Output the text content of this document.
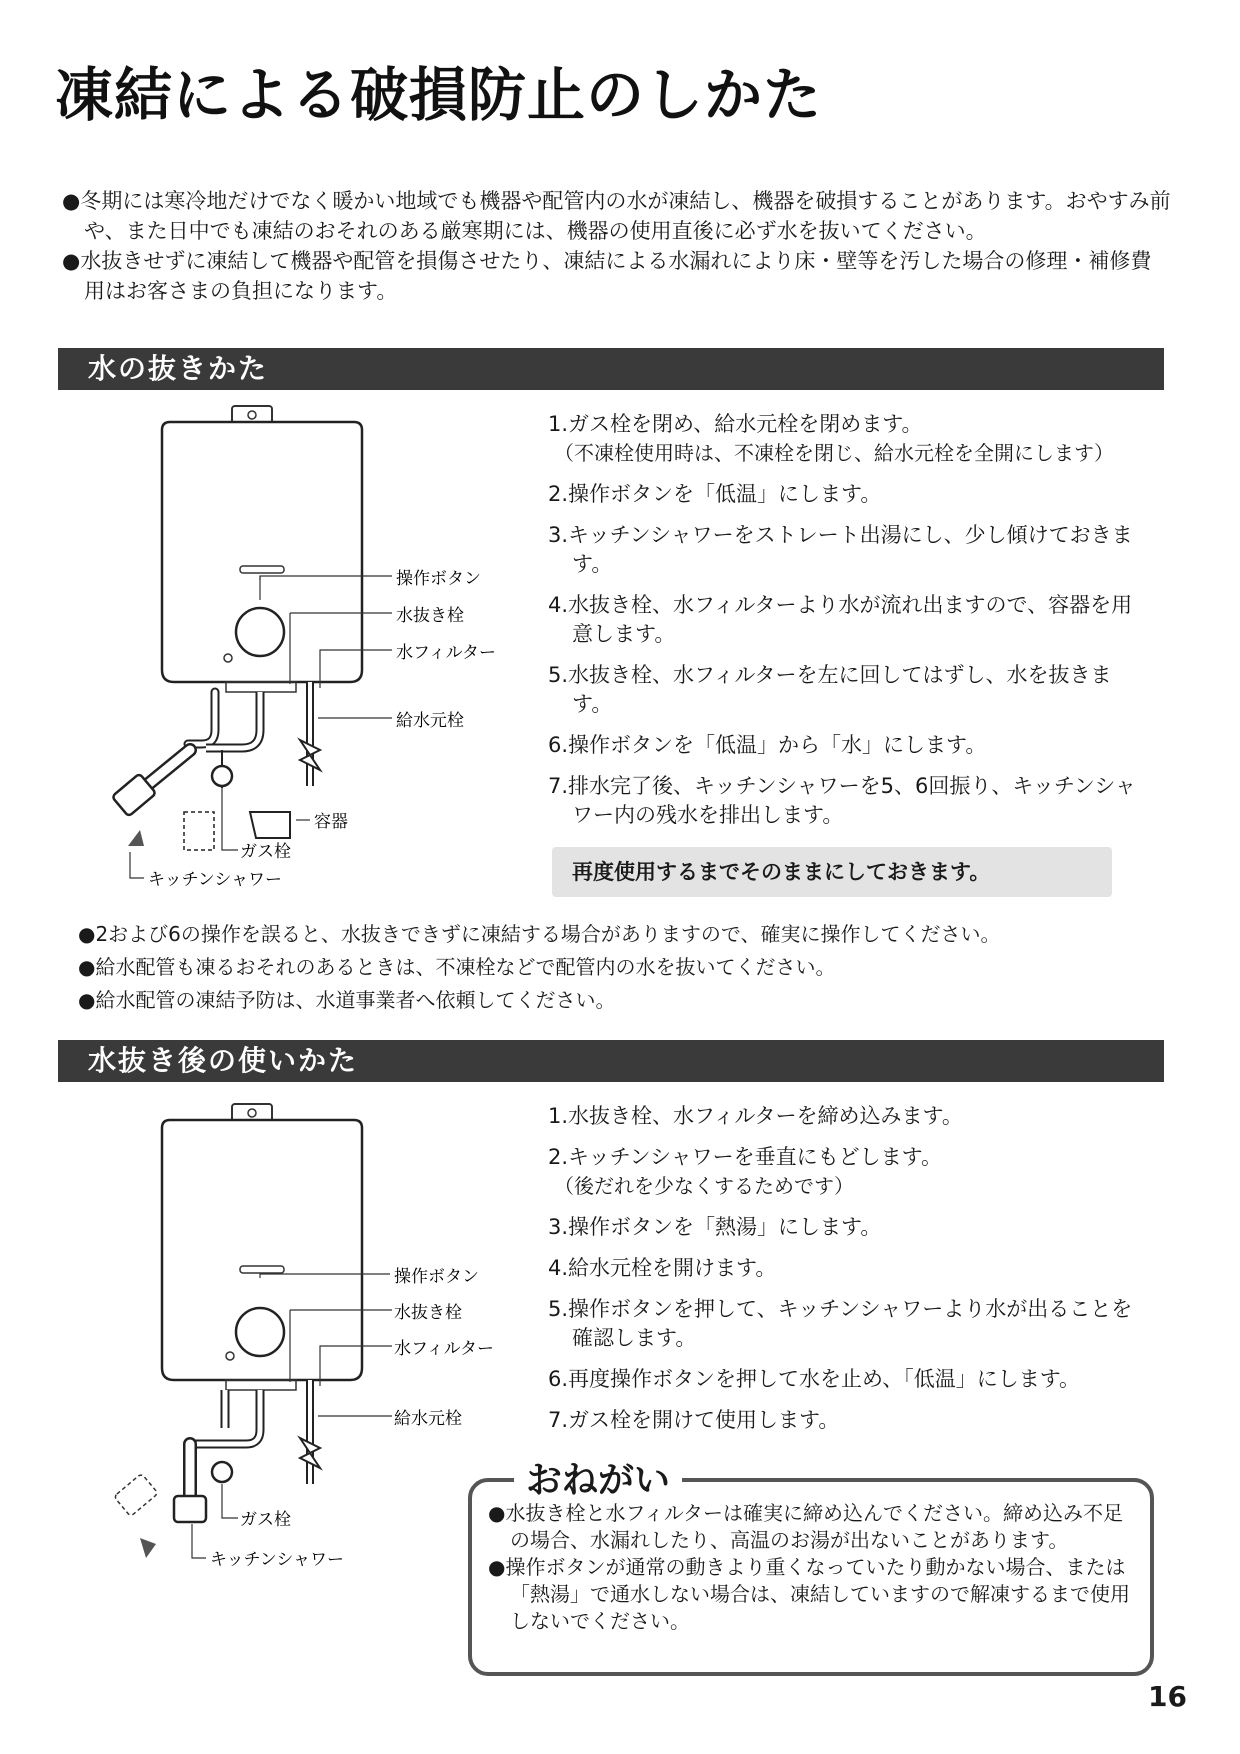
凍結による破損防止のしかた

●冬期には寒冷地だけでなく暖かい地域でも機器や配管内の水が凍結し、機器を破損することがあります。おやすみ前や、また日中でも凍結のおそれのある厳寒期には、機器の使用直後に必ず水を抜いてください。

●水抜きせずに凍結して機器や配管を損傷させたり、凍結による水漏れにより床・壁等を汚した場合の修理・補修費用はお客さまの負担になります。

水の抜きかた
操作ボタン
水抜き栓
水フィルター
給水元栓
容器
ガス栓
キッチンシャワー

1.ガス栓を閉め、給水元栓を閉めます。
（不凍栓使用時は、不凍栓を閉じ、給水元栓を全開にします）

2.操作ボタンを「低温」にします。

3.キッチンシャワーをストレート出湯にし、少し傾けておきます。

4.水抜き栓、水フィルターより水が流れ出ますので、容器を用意します。

5.水抜き栓、水フィルターを左に回してはずし、水を抜きます。

6.操作ボタンを「低温」から「水」にします。

7.排水完了後、キッチンシャワーを5、6回振り、キッチンシャワー内の残水を排出します。

再度使用するまでそのままにしておきます。

●2および6の操作を誤ると、水抜きできずに凍結する場合がありますので、確実に操作してください。

●給水配管も凍るおそれのあるときは、不凍栓などで配管内の水を抜いてください。

●給水配管の凍結予防は、水道事業者へ依頼してください。

水抜き後の使いかた
操作ボタン
水抜き栓
水フィルター
給水元栓
ガス栓
キッチンシャワー

1.水抜き栓、水フィルターを締め込みます。

2.キッチンシャワーを垂直にもどします。
（後だれを少なくするためです）

3.操作ボタンを「熱湯」にします。

4.給水元栓を開けます。

5.操作ボタンを押して、キッチンシャワーより水が出ることを確認します。

6.再度操作ボタンを押して水を止め、「低温」にします。

7.ガス栓を開けて使用します。

おねがい

●水抜き栓と水フィルターは確実に締め込んでください。締め込み不足の場合、水漏れしたり、高温のお湯が出ないことがあります。

●操作ボタンが通常の動きより重くなっていたり動かない場合、または「熱湯」で通水しない場合は、凍結していますので解凍するまで使用しないでください。

16
